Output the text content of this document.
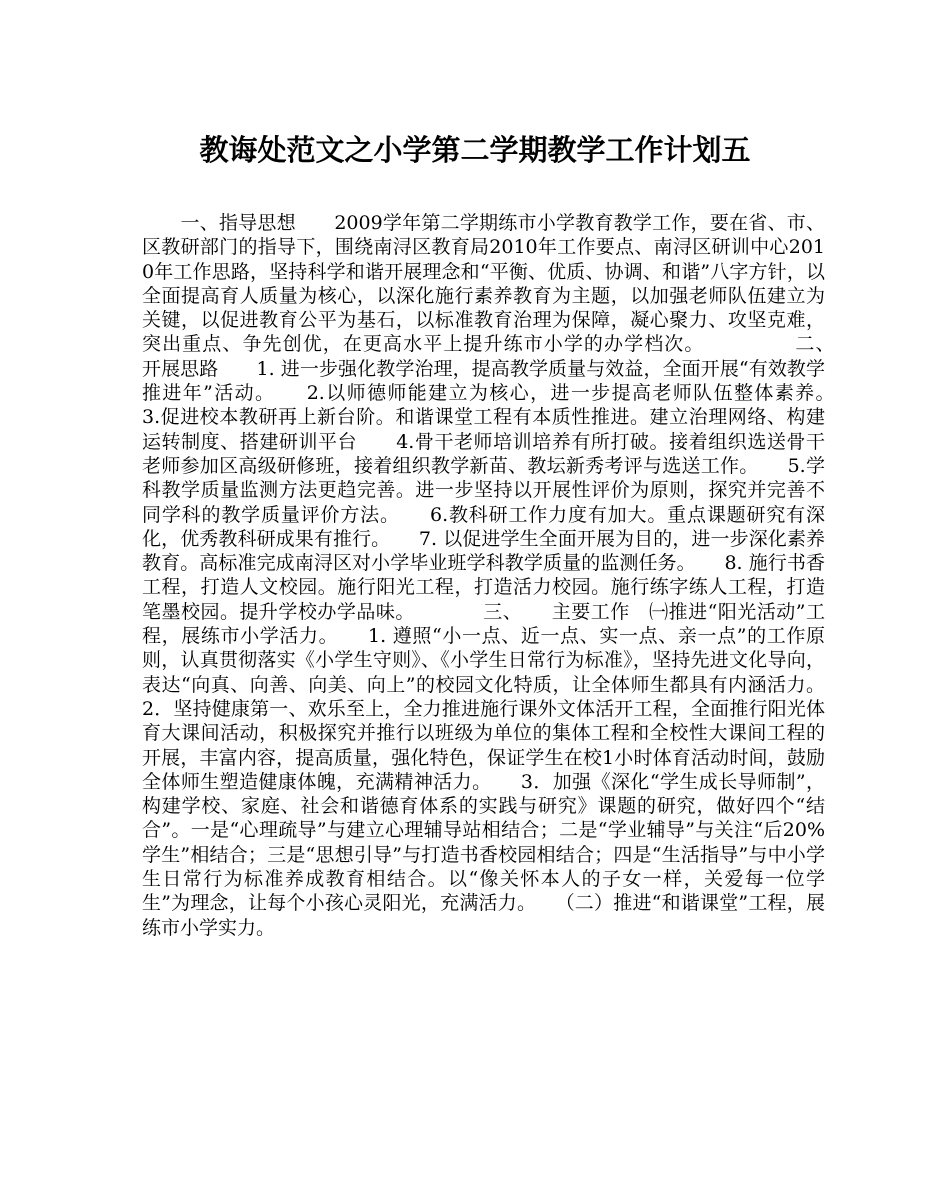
教诲处范文之小学第二学期教学工作计划五

　　一、指导思想　　2009学年第二学期练市小学教育教学工作，要在省、市、区教研部门的指导下，围绕南浔区教育局2010年工作要点、南浔区研训中心2010年工作思路，坚持科学和谐开展理念和“平衡、优质、协调、和谐”八字方针，以全面提高育人质量为核心，以深化施行素养教育为主题，以加强老师队伍建立为关键，以促进教育公平为基石，以标准教育治理为保障，凝心聚力、攻坚克难，突出重点、争先创优，在更高水平上提升练市小学的办学档次。　　　　　二、　开展思路　　1. 进一步强化教学治理，提高教学质量与效益，全面开展“有效教学推进年”活动。　　2.以师德师能建立为核心，进一步提高老师队伍整体素养。　　3.促进校本教研再上新台阶。和谐课堂工程有本质性推进。建立治理网络、构建运转制度、搭建研训平台　　4.骨干老师培训培养有所打破。接着组织选送骨干老师参加区高级研修班，接着组织教学新苗、教坛新秀考评与选送工作。　　5.学科教学质量监测方法更趋完善。进一步坚持以开展性评价为原则，探究并完善不同学科的教学质量评价方法。　　6.教科研工作力度有加大。重点课题研究有深化，优秀教科研成果有推行。　　7. 以促进学生全面开展为目的，进一步深化素养教育。高标准完成南浔区对小学毕业班学科教学质量的监测任务。　　8. 施行书香工程，打造人文校园。施行阳光工程，打造活力校园。施行练字练人工程，打造笔墨校园。提升学校办学品味。　　　　三、　　主要工作　㈠推进“阳光活动”工程，展练市小学活力。　　1. 遵照“小一点、近一点、实一点、亲一点”的工作原则，认真贯彻落实《小学生守则》、《小学生日常行为标准》，坚持先进文化导向，表达“向真、向善、向美、向上”的校园文化特质，让全体师生都具有内涵活力。2．坚持健康第一、欢乐至上，全力推进施行课外文体活开工程，全面推行阳光体育大课间活动，积极探究并推行以班级为单位的集体工程和全校性大课间工程的开展，丰富内容，提高质量，强化特色，保证学生在校1小时体育活动时间，鼓励全体师生塑造健康体魄，充满精神活力。　　3．加强《深化“学生成长导师制”，构建学校、家庭、社会和谐德育体系的实践与研究》课题的研究，做好四个“结合”。一是“心理疏导”与建立心理辅导站相结合；二是“学业辅导”与关注“后20%学生”相结合；三是“思想引导”与打造书香校园相结合；四是“生活指导”与中小学生日常行为标准养成教育相结合。以“像关怀本人的子女一样，关爱每一位学生”为理念，让每个小孩心灵阳光，充满活力。　　（二）推进“和谐课堂”工程，展练市小学实力。
